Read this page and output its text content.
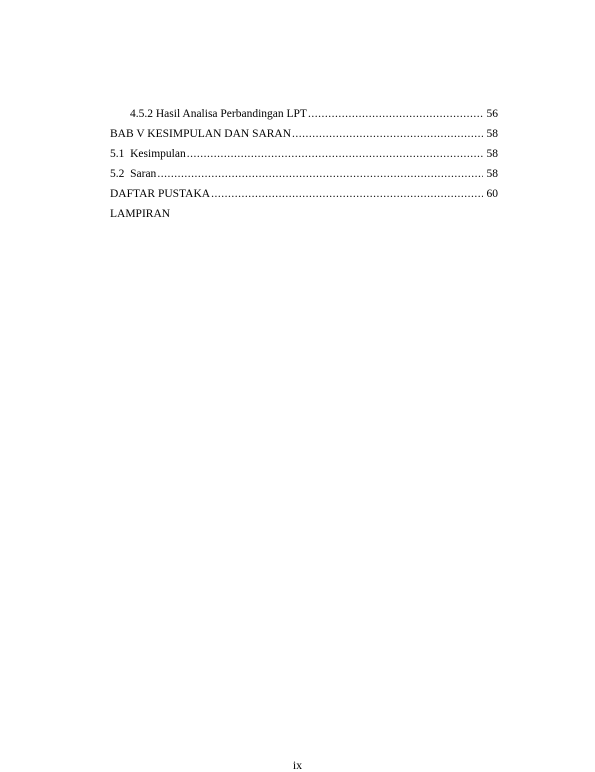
4.5.2 Hasil Analisa Perbandingan LPT .....	56
BAB V KESIMPULAN DAN SARAN .....	58
5.1  Kesimpulan .....	58
5.2  Saran .....	58
DAFTAR PUSTAKA .....	60
LAMPIRAN
ix
